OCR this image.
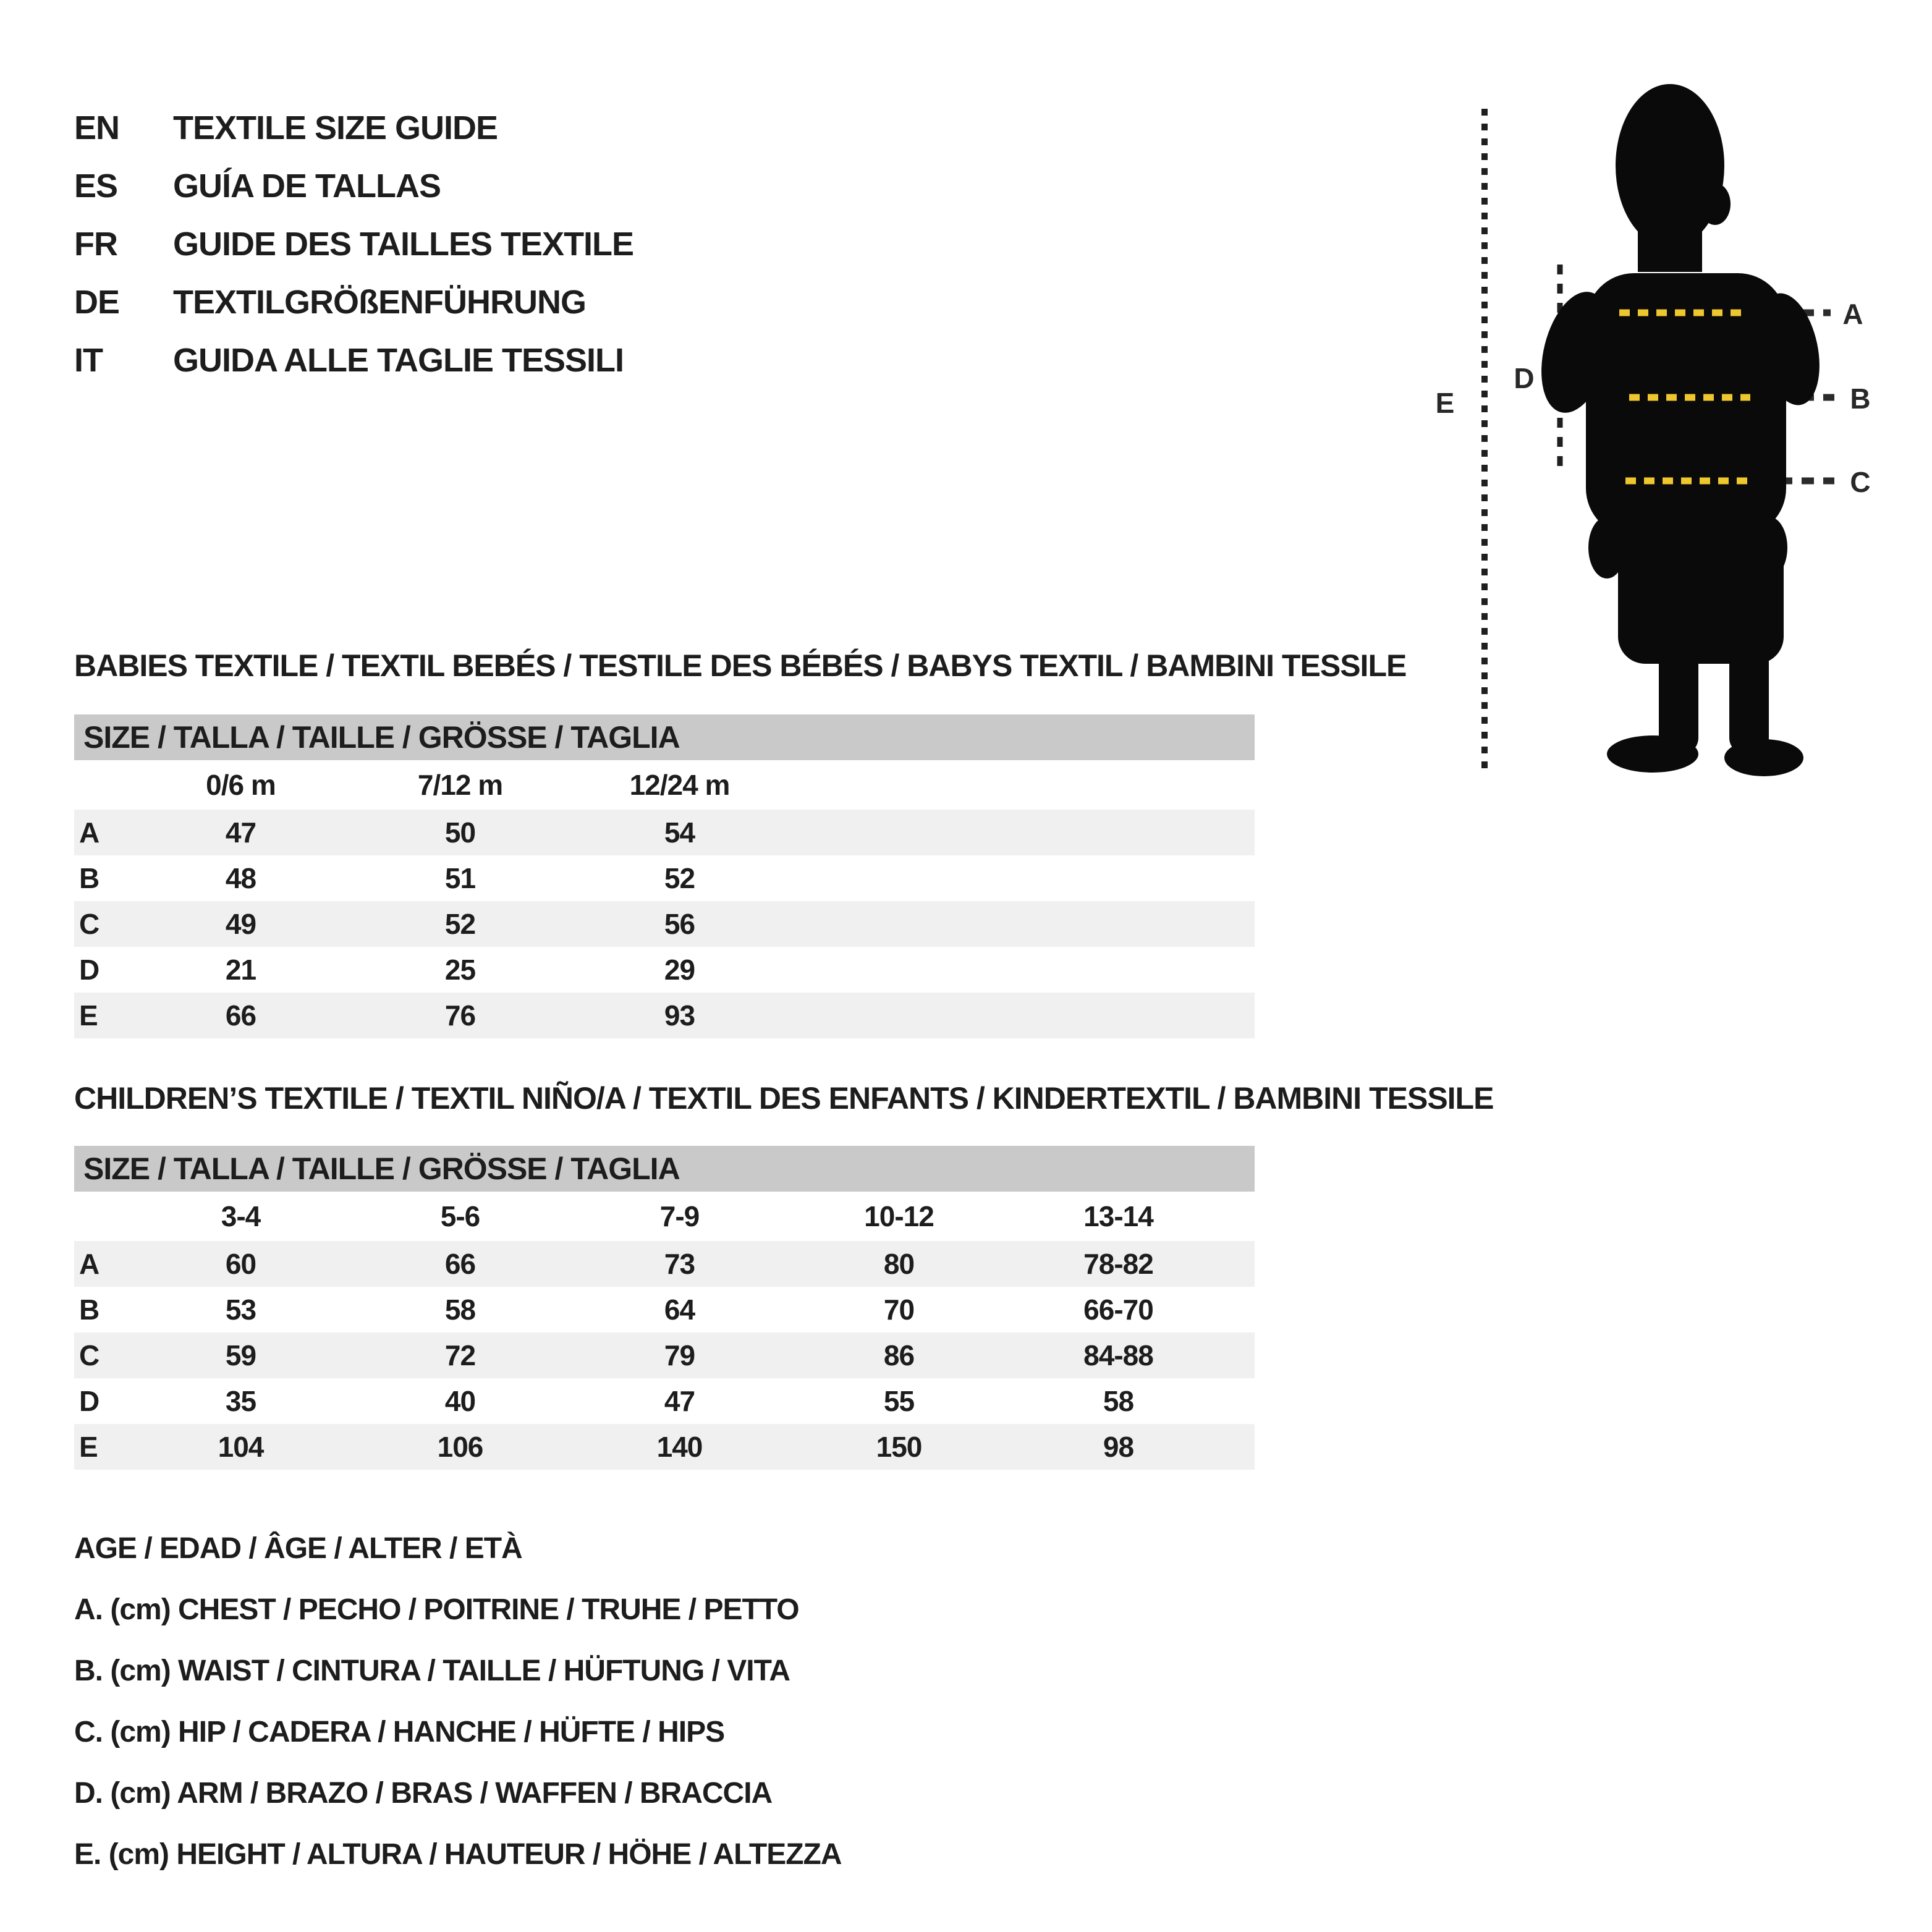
EN	TEXTILE SIZE GUIDE
ES	GUÍA DE TALLAS
FR	GUIDE DES TAILLES TEXTILE
DE	TEXTILGRÖßENFÜHRUNG
IT	GUIDA ALLE TAGLIE TESSILI
A
B
C
D
E
BABIES TEXTILE / TEXTIL BEBÉS / TESTILE DES BÉBÉS / BABYS TEXTIL / BAMBINI TESSILE
SIZE / TALLA / TAILLE / GRÖSSE / TAGLIA
0/6 m	7/12 m	12/24 m
A	47	50	54
B	48	51	52
C	49	52	56
D	21	25	29
E	66	76	93
CHILDREN’S TEXTILE / TEXTIL NIÑO/A / TEXTIL DES ENFANTS / KINDERTEXTIL / BAMBINI TESSILE
SIZE / TALLA / TAILLE / GRÖSSE / TAGLIA
3-4	5-6	7-9	10-12	13-14
A	60	66	73	80	78-82
B	53	58	64	70	66-70
C	59	72	79	86	84-88
D	35	40	47	55	58
E	104	106	140	150	98
AGE / EDAD / ÂGE / ALTER / ETÀ
A. (cm) CHEST / PECHO / POITRINE / TRUHE / PETTO
B. (cm) WAIST / CINTURA / TAILLE / HÜFTUNG / VITA
C. (cm) HIP / CADERA / HANCHE / HÜFTE / HIPS
D. (cm) ARM / BRAZO / BRAS / WAFFEN / BRACCIA
E. (cm) HEIGHT / ALTURA / HAUTEUR / HÖHE / ALTEZZA
